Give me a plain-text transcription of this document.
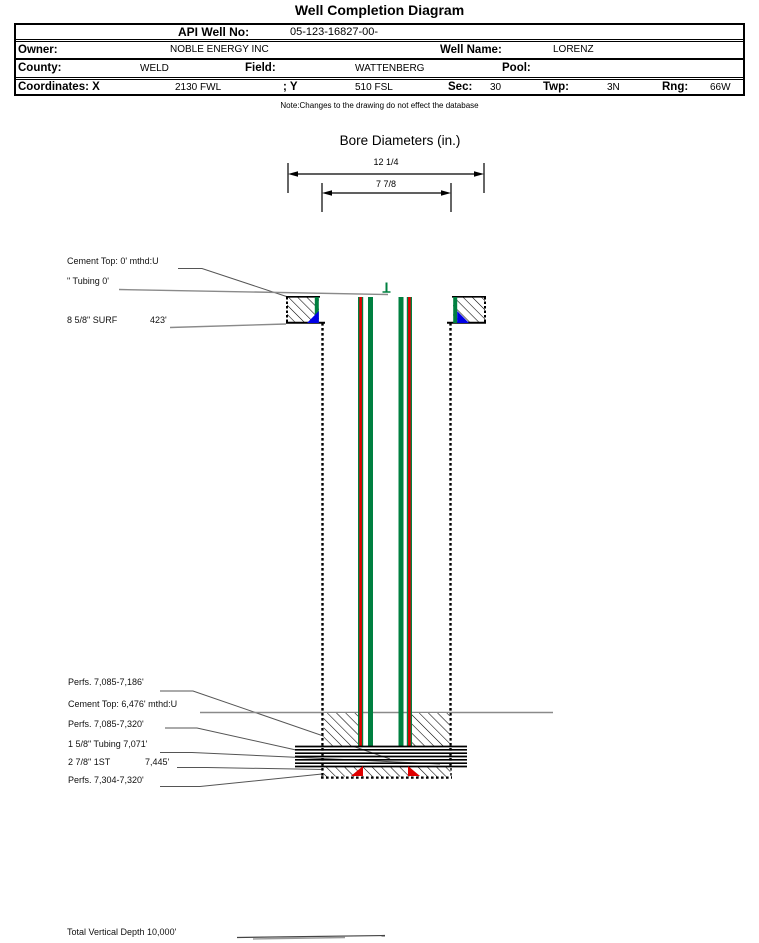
Well Completion Diagram
API Well No:	05-123-16827-00-
Owner:	NOBLE ENERGY INC	Well Name:	LORENZ
County:	WELD	Field:	WATTENBERG	Pool:
Coordinates: X	2130 FWL	; Y	510 FSL	Sec: 30	Twp:	3N	Rng: 66W
Note:Changes to the drawing do not effect the database
Bore Diameters (in.)
12 1/4
7 7/8
Cement Top: 0' mthd:U
" Tubing 0'
8 5/8" SURF	423'
Perfs. 7,085-7,186'
Cement Top: 6,476' mthd:U
Perfs. 7,085-7,320'
1 5/8" Tubing 7,071'
2 7/8" 1ST	7,445'
Perfs. 7,304-7,320'
Total Vertical Depth 10,000'
